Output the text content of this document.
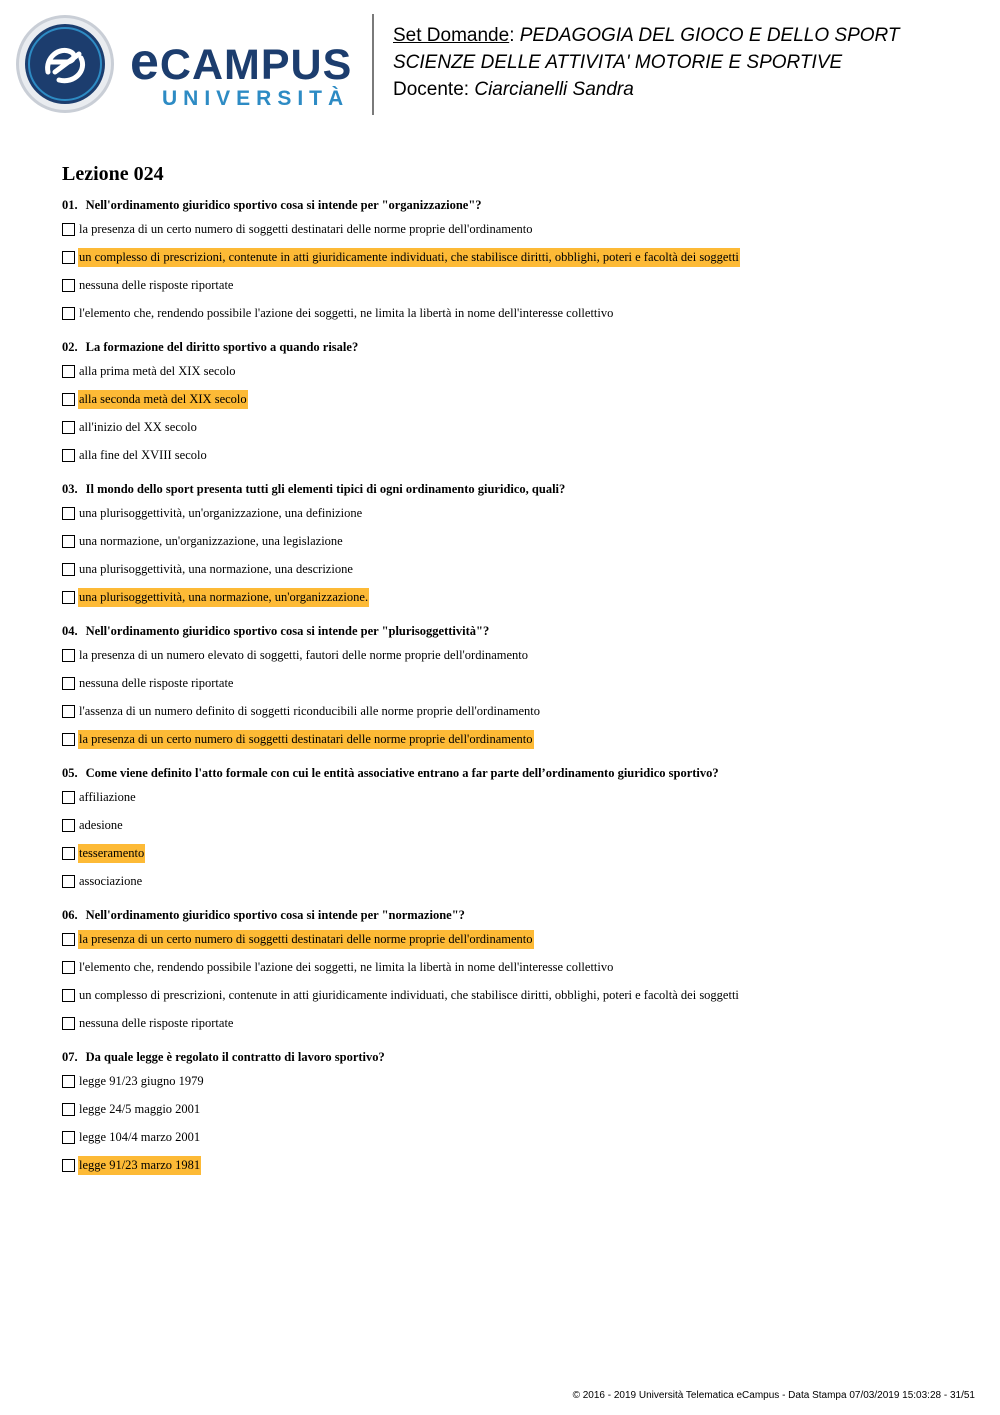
eCAMPUS
UNIVERSITÀ
Set Domande: PEDAGOGIA DEL GIOCO E DELLO SPORT
SCIENZE DELLE ATTIVITA' MOTORIE E SPORTIVE
Docente: Ciarcianelli Sandra
Lezione 024
01. Nell'ordinamento giuridico sportivo cosa si intende per "organizzazione"?
la presenza di un certo numero di soggetti destinatari delle norme proprie dell'ordinamento
un complesso di prescrizioni, contenute in atti giuridicamente individuati, che stabilisce diritti, obblighi, poteri e facoltà dei soggetti
nessuna delle risposte riportate
l'elemento che, rendendo possibile l'azione dei soggetti, ne limita la libertà in nome dell'interesse collettivo
02. La formazione del diritto sportivo a quando risale?
alla prima metà del XIX secolo
alla seconda metà del XIX secolo
all'inizio del XX secolo
alla fine del XVIII secolo
03. Il mondo dello sport presenta tutti gli elementi tipici di ogni ordinamento giuridico, quali?
una plurisoggettività, un'organizzazione, una definizione
una normazione, un'organizzazione, una legislazione
una plurisoggettività, una normazione, una descrizione
una plurisoggettività, una normazione, un'organizzazione.
04. Nell'ordinamento giuridico sportivo cosa si intende per "plurisoggettività"?
la presenza di un numero elevato di soggetti, fautori delle norme proprie dell'ordinamento
nessuna delle risposte riportate
l'assenza di un numero definito di soggetti riconducibili alle norme proprie dell'ordinamento
la presenza di un certo numero di soggetti destinatari delle norme proprie dell'ordinamento
05. Come viene definito l'atto formale con cui le entità associative entrano a far parte dell’ordinamento giuridico sportivo?
affiliazione
adesione
tesseramento
associazione
06. Nell'ordinamento giuridico sportivo cosa si intende per "normazione"?
la presenza di un certo numero di soggetti destinatari delle norme proprie dell'ordinamento
l'elemento che, rendendo possibile l'azione dei soggetti, ne limita la libertà in nome dell'interesse collettivo
un complesso di prescrizioni, contenute in atti giuridicamente individuati, che stabilisce diritti, obblighi, poteri e facoltà dei soggetti
nessuna delle risposte riportate
07. Da quale legge è regolato il contratto di lavoro sportivo?
legge 91/23 giugno 1979
legge 24/5 maggio 2001
legge 104/4 marzo 2001
legge 91/23 marzo 1981
© 2016 - 2019 Università Telematica eCampus - Data Stampa 07/03/2019 15:03:28 - 31/51
